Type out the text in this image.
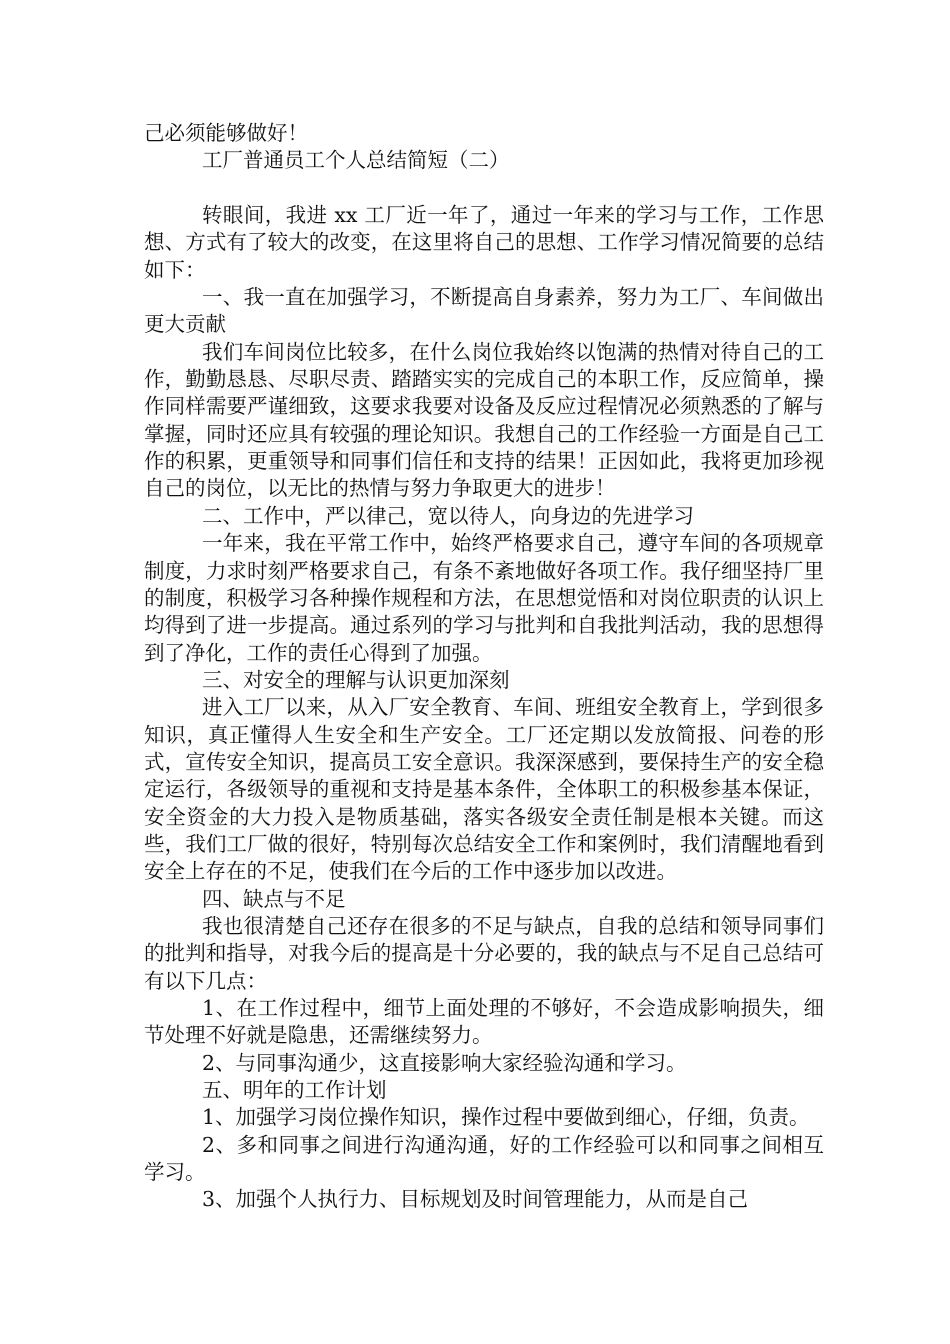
己必须能够做好！

工厂普通员工个人总结简短（二）

转眼间，我进 xx 工厂近一年了，通过一年来的学习与工作，工作思想、方式有了较大的改变，在这里将自己的思想、工作学习情况简要的总结如下：

一、我一直在加强学习，不断提高自身素养，努力为工厂、车间做出更大贡献

我们车间岗位比较多，在什么岗位我始终以饱满的热情对待自己的工作，勤勤恳恳、尽职尽责、踏踏实实的完成自己的本职工作，反应简单，操作同样需要严谨细致，这要求我要对设备及反应过程情况必须熟悉的了解与掌握，同时还应具有较强的理论知识。我想自己的工作经验一方面是自己工作的积累，更重领导和同事们信任和支持的结果！正因如此，我将更加珍视自己的岗位，以无比的热情与努力争取更大的进步！

二、工作中，严以律己，宽以待人，向身边的先进学习

一年来，我在平常工作中，始终严格要求自己，遵守车间的各项规章制度，力求时刻严格要求自己，有条不紊地做好各项工作。我仔细坚持厂里的制度，积极学习各种操作规程和方法，在思想觉悟和对岗位职责的认识上均得到了进一步提高。通过系列的学习与批判和自我批判活动，我的思想得到了净化，工作的责任心得到了加强。

三、对安全的理解与认识更加深刻

进入工厂以来，从入厂安全教育、车间、班组安全教育上，学到很多知识，真正懂得人生安全和生产安全。工厂还定期以发放简报、问卷的形式，宣传安全知识，提高员工安全意识。我深深感到，要保持生产的安全稳定运行，各级领导的重视和支持是基本条件，全体职工的积极参基本保证，安全资金的大力投入是物质基础，落实各级安全责任制是根本关键。而这些，我们工厂做的很好，特别每次总结安全工作和案例时，我们清醒地看到安全上存在的不足，使我们在今后的工作中逐步加以改进。

四、缺点与不足

我也很清楚自己还存在很多的不足与缺点，自我的总结和领导同事们的批判和指导，对我今后的提高是十分必要的，我的缺点与不足自己总结可有以下几点：

1、在工作过程中，细节上面处理的不够好，不会造成影响损失，细节处理不好就是隐患，还需继续努力。

2、与同事沟通少，这直接影响大家经验沟通和学习。

五、明年的工作计划

1、加强学习岗位操作知识，操作过程中要做到细心，仔细，负责。

2、多和同事之间进行沟通沟通，好的工作经验可以和同事之间相互学习。

3、加强个人执行力、目标规划及时间管理能力，从而是自己
